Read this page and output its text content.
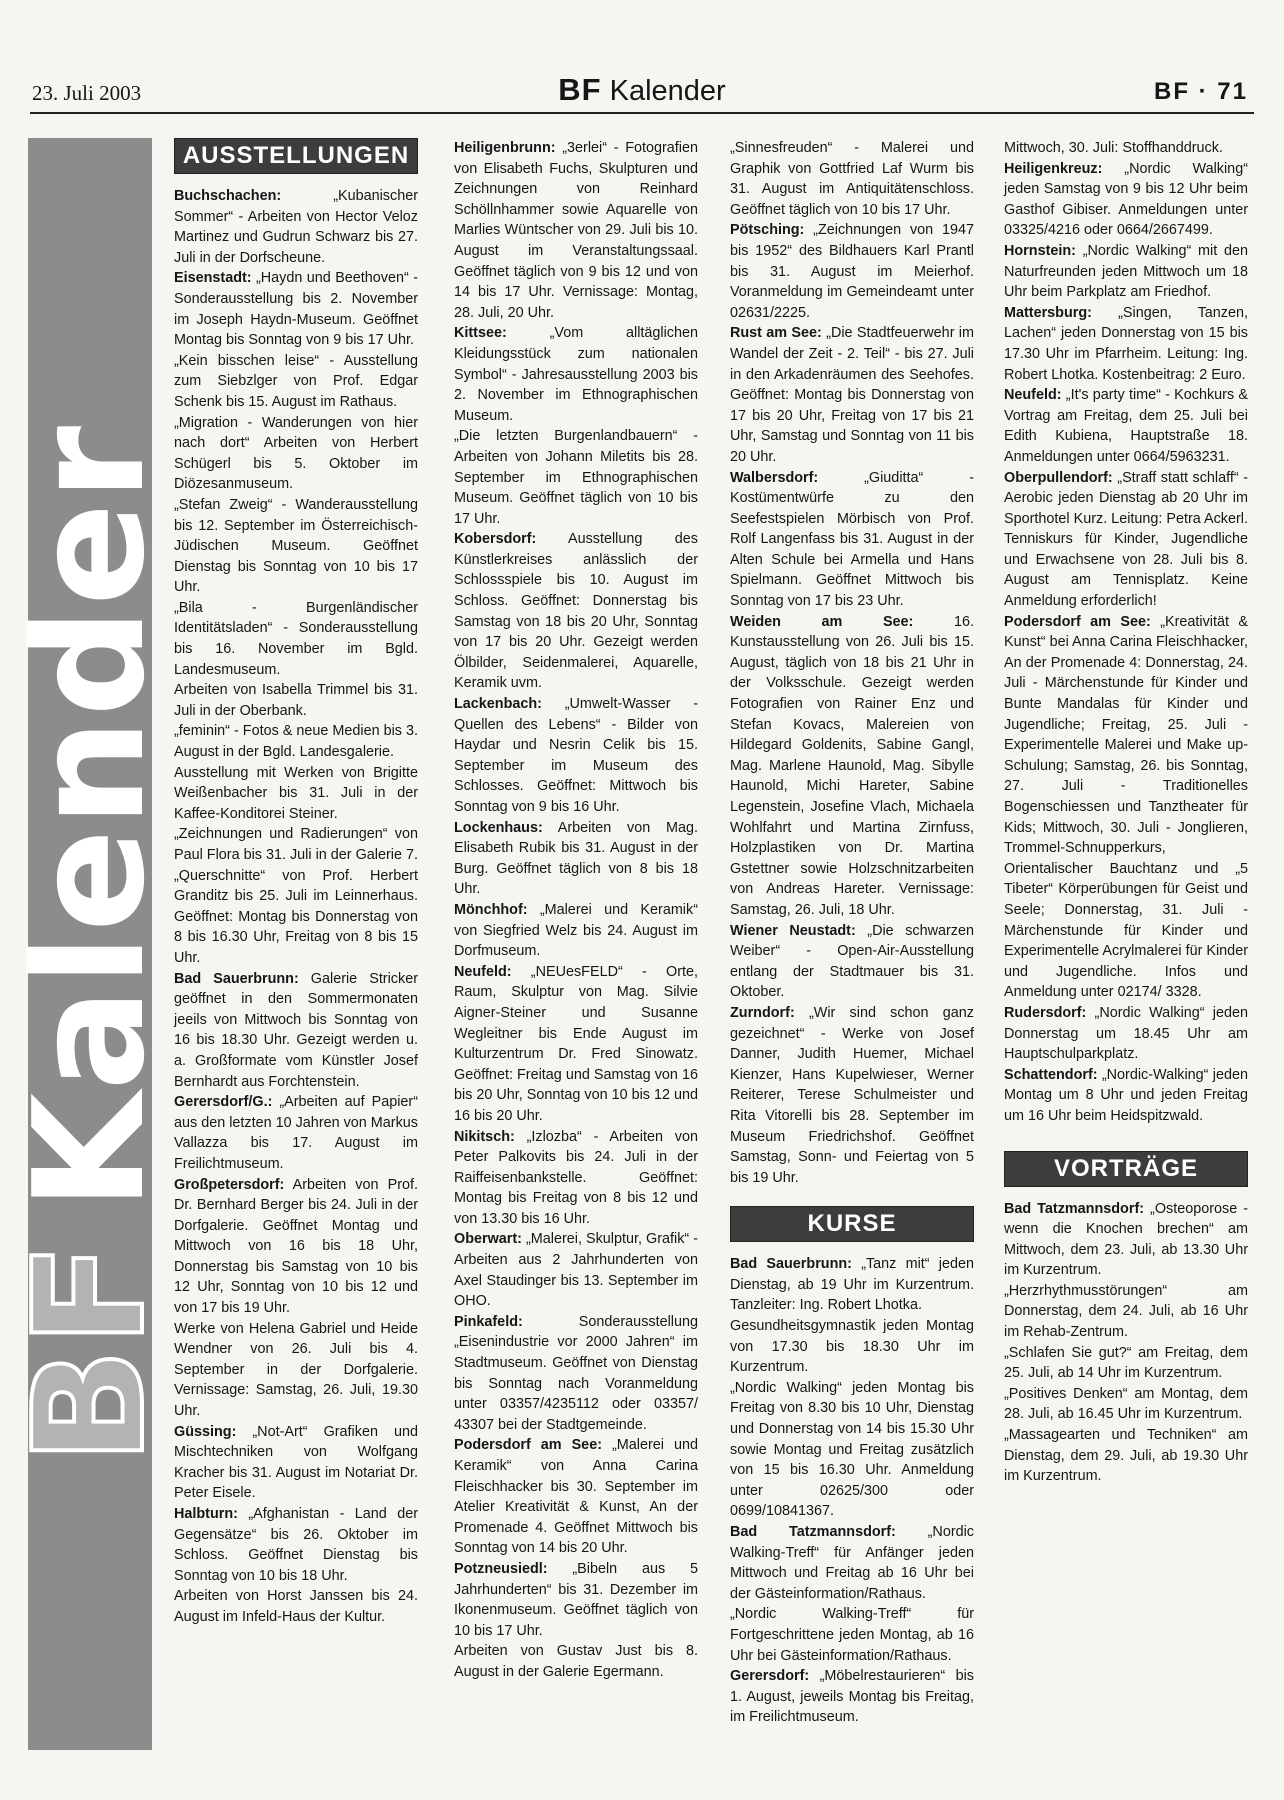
23. Juli 2003	BF Kalender	BF · 71
BFKalender
AUSSTELLUNGEN
Buchschachen: „Kubanischer Sommer“ - Arbeiten von Hector Veloz Martinez und Gudrun Schwarz bis 27. Juli in der Dorfscheune.
Eisenstadt: „Haydn und Beethoven“ - Sonderausstellung bis 2. November im Joseph Haydn-Museum. Geöffnet Montag bis Sonntag von 9 bis 17 Uhr.
„Kein bisschen leise“ - Ausstellung zum Siebzlger von Prof. Edgar Schenk bis 15. August im Rathaus.
„Migration - Wanderungen von hier nach dort“ Arbeiten von Herbert Schügerl bis 5. Oktober im Diözesanmuseum.
„Stefan Zweig“ - Wanderausstellung bis 12. September im Österreichisch-Jüdischen Museum. Geöffnet Dienstag bis Sonntag von 10 bis 17 Uhr.
„Bila - Burgenländischer Identitätsladen“ - Sonderausstellung bis 16. November im Bgld. Landesmuseum.
Arbeiten von Isabella Trimmel bis 31. Juli in der Oberbank.
„feminin“ - Fotos & neue Medien bis 3. August in der Bgld. Landesgalerie.
Ausstellung mit Werken von Brigitte Weißenbacher bis 31. Juli in der Kaffee-Konditorei Steiner.
„Zeichnungen und Radierungen“ von Paul Flora bis 31. Juli in der Galerie 7.
„Querschnitte“ von Prof. Herbert Granditz bis 25. Juli im Leinnerhaus. Geöffnet: Montag bis Donnerstag von 8 bis 16.30 Uhr, Freitag von 8 bis 15 Uhr.
Bad Sauerbrunn: Galerie Stricker geöffnet in den Sommermonaten jeeils von Mittwoch bis Sonntag von 16 bis 18.30 Uhr. Gezeigt werden u. a. Großformate vom Künstler Josef Bernhardt aus Forchtenstein.
Gerersdorf/G.: „Arbeiten auf Papier“ aus den letzten 10 Jahren von Markus Vallazza bis 17. August im Freilichtmuseum.
Großpetersdorf: Arbeiten von Prof. Dr. Bernhard Berger bis 24. Juli in der Dorfgalerie. Geöffnet Montag und Mittwoch von 16 bis 18 Uhr, Donnerstag bis Samstag von 10 bis 12 Uhr, Sonntag von 10 bis 12 und von 17 bis 19 Uhr.
Werke von Helena Gabriel und Heide Wendner von 26. Juli bis 4. September in der Dorfgalerie. Vernissage: Samstag, 26. Juli, 19.30 Uhr.
Güssing: „Not-Art“ Grafiken und Mischtechniken von Wolfgang Kracher bis 31. August im Notariat Dr. Peter Eisele.
Halbturn: „Afghanistan - Land der Gegensätze“ bis 26. Oktober im Schloss. Geöffnet Dienstag bis Sonntag von 10 bis 18 Uhr.
Arbeiten von Horst Janssen bis 24. August im Infeld-Haus der Kultur.
Heiligenbrunn: „3erlei“ - Fotografien von Elisabeth Fuchs, Skulpturen und Zeichnungen von Reinhard Schöllnhammer sowie Aquarelle von Marlies Wüntscher von 29. Juli bis 10. August im Veranstaltungssaal. Geöffnet täglich von 9 bis 12 und von 14 bis 17 Uhr. Vernissage: Montag, 28. Juli, 20 Uhr.
Kittsee: „Vom alltäglichen Kleidungsstück zum nationalen Symbol“ - Jahresausstellung 2003 bis 2. November im Ethnographischen Museum.
„Die letzten Burgenlandbauern“ - Arbeiten von Johann Miletits bis 28. September im Ethnographischen Museum. Geöffnet täglich von 10 bis 17 Uhr.
Kobersdorf: Ausstellung des Künstlerkreises anlässlich der Schlossspiele bis 10. August im Schloss. Geöffnet: Donnerstag bis Samstag von 18 bis 20 Uhr, Sonntag von 17 bis 20 Uhr. Gezeigt werden Ölbilder, Seidenmalerei, Aquarelle, Keramik uvm.
Lackenbach: „Umwelt-Wasser - Quellen des Lebens“ - Bilder von Haydar und Nesrin Celik bis 15. September im Museum des Schlosses. Geöffnet: Mittwoch bis Sonntag von 9 bis 16 Uhr.
Lockenhaus: Arbeiten von Mag. Elisabeth Rubik bis 31. August in der Burg. Geöffnet täglich von 8 bis 18 Uhr.
Mönchhof: „Malerei und Keramik“ von Siegfried Welz bis 24. August im Dorfmuseum.
Neufeld: „NEUesFELD“ - Orte, Raum, Skulptur von Mag. Silvie Aigner-Steiner und Susanne Wegleitner bis Ende August im Kulturzentrum Dr. Fred Sinowatz. Geöffnet: Freitag und Samstag von 16 bis 20 Uhr, Sonntag von 10 bis 12 und 16 bis 20 Uhr.
Nikitsch: „Izlozba“ - Arbeiten von Peter Palkovits bis 24. Juli in der Raiffeisenbankstelle. Geöffnet: Montag bis Freitag von 8 bis 12 und von 13.30 bis 16 Uhr.
Oberwart: „Malerei, Skulptur, Grafik“ - Arbeiten aus 2 Jahrhunderten von Axel Staudinger bis 13. September im OHO.
Pinkafeld: Sonderausstellung „Eisenindustrie vor 2000 Jahren“ im Stadtmuseum. Geöffnet von Dienstag bis Sonntag nach Voranmeldung unter 03357/4235112 oder 03357/ 43307 bei der Stadtgemeinde.
Podersdorf am See: „Malerei und Keramik“ von Anna Carina Fleischhacker bis 30. September im Atelier Kreativität & Kunst, An der Promenade 4. Geöffnet Mittwoch bis Sonntag von 14 bis 20 Uhr.
Potzneusiedl: „Bibeln aus 5 Jahrhunderten“ bis 31. Dezember im Ikonenmuseum. Geöffnet täglich von 10 bis 17 Uhr.
Arbeiten von Gustav Just bis 8. August in der Galerie Egermann.
„Sinnesfreuden“ - Malerei und Graphik von Gottfried Laf Wurm bis 31. August im Antiquitätenschloss. Geöffnet täglich von 10 bis 17 Uhr.
Pötsching: „Zeichnungen von 1947 bis 1952“ des Bildhauers Karl Prantl bis 31. August im Meierhof. Voranmeldung im Gemeindeamt unter 02631/2225.
Rust am See: „Die Stadtfeuerwehr im Wandel der Zeit - 2. Teil“ - bis 27. Juli in den Arkadenräumen des Seehofes. Geöffnet: Montag bis Donnerstag von 17 bis 20 Uhr, Freitag von 17 bis 21 Uhr, Samstag und Sonntag von 11 bis 20 Uhr.
Walbersdorf: „Giuditta“ - Kostümentwürfe zu den Seefestspielen Mörbisch von Prof. Rolf Langenfass bis 31. August in der Alten Schule bei Armella und Hans Spielmann. Geöffnet Mittwoch bis Sonntag von 17 bis 23 Uhr.
Weiden am See: 16. Kunstausstellung von 26. Juli bis 15. August, täglich von 18 bis 21 Uhr in der Volksschule. Gezeigt werden Fotografien von Rainer Enz und Stefan Kovacs, Malereien von Hildegard Goldenits, Sabine Gangl, Mag. Marlene Haunold, Mag. Sibylle Haunold, Michi Hareter, Sabine Legenstein, Josefine Vlach, Michaela Wohlfahrt und Martina Zirnfuss, Holzplastiken von Dr. Martina Gstettner sowie Holzschnitzarbeiten von Andreas Hareter. Vernissage: Samstag, 26. Juli, 18 Uhr.
Wiener Neustadt: „Die schwarzen Weiber“ - Open-Air-Ausstellung entlang der Stadtmauer bis 31. Oktober.
Zurndorf: „Wir sind schon ganz gezeichnet“ - Werke von Josef Danner, Judith Huemer, Michael Kienzer, Hans Kupelwieser, Werner Reiterer, Terese Schulmeister und Rita Vitorelli bis 28. September im Museum Friedrichshof. Geöffnet Samstag, Sonn- und Feiertag von 5 bis 19 Uhr.
KURSE
Bad Sauerbrunn: „Tanz mit“ jeden Dienstag, ab 19 Uhr im Kurzentrum. Tanzleiter: Ing. Robert Lhotka.
Gesundheitsgymnastik jeden Montag von 17.30 bis 18.30 Uhr im Kurzentrum.
„Nordic Walking“ jeden Montag bis Freitag von 8.30 bis 10 Uhr, Dienstag und Donnerstag von 14 bis 15.30 Uhr sowie Montag und Freitag zusätzlich von 15 bis 16.30 Uhr. Anmeldung unter 02625/300 oder 0699/10841367.
Bad Tatzmannsdorf: „Nordic Walking-Treff“ für Anfänger jeden Mittwoch und Freitag ab 16 Uhr bei der Gästeinformation/Rathaus.
„Nordic Walking-Treff“ für Fortgeschrittene jeden Montag, ab 16 Uhr bei Gästeinformation/Rathaus.
Gerersdorf: „Möbelrestaurieren“ bis 1. August, jeweils Montag bis Freitag, im Freilichtmuseum.
Mittwoch, 30. Juli: Stoffhanddruck.
Heiligenkreuz: „Nordic Walking“ jeden Samstag von 9 bis 12 Uhr beim Gasthof Gibiser. Anmeldungen unter 03325/4216 oder 0664/2667499.
Hornstein: „Nordic Walking“ mit den Naturfreunden jeden Mittwoch um 18 Uhr beim Parkplatz am Friedhof.
Mattersburg: „Singen, Tanzen, Lachen“ jeden Donnerstag von 15 bis 17.30 Uhr im Pfarrheim. Leitung: Ing. Robert Lhotka. Kostenbeitrag: 2 Euro.
Neufeld: „It's party time“ - Kochkurs & Vortrag am Freitag, dem 25. Juli bei Edith Kubiena, Hauptstraße 18. Anmeldungen unter 0664/5963231.
Oberpullendorf: „Straff statt schlaff“ - Aerobic jeden Dienstag ab 20 Uhr im Sporthotel Kurz. Leitung: Petra Ackerl.
Tenniskurs für Kinder, Jugendliche und Erwachsene von 28. Juli bis 8. August am Tennisplatz. Keine Anmeldung erforderlich!
Podersdorf am See: „Kreativität & Kunst“ bei Anna Carina Fleischhacker, An der Promenade 4: Donnerstag, 24. Juli - Märchenstunde für Kinder und Bunte Mandalas für Kinder und Jugendliche; Freitag, 25. Juli - Experimentelle Malerei und Make up-Schulung; Samstag, 26. bis Sonntag, 27. Juli - Traditionelles Bogenschiessen und Tanztheater für Kids; Mittwoch, 30. Juli - Jonglieren, Trommel-Schnupperkurs, Orientalischer Bauchtanz und „5 Tibeter“ Körperübungen für Geist und Seele; Donnerstag, 31. Juli - Märchenstunde für Kinder und Experimentelle Acrylmalerei für Kinder und Jugendliche. Infos und Anmeldung unter 02174/ 3328.
Rudersdorf: „Nordic Walking“ jeden Donnerstag um 18.45 Uhr am Hauptschulparkplatz.
Schattendorf: „Nordic-Walking“ jeden Montag um 8 Uhr und jeden Freitag um 16 Uhr beim Heidspitzwald.
VORTRÄGE
Bad Tatzmannsdorf: „Osteoporose - wenn die Knochen brechen“ am Mittwoch, dem 23. Juli, ab 13.30 Uhr im Kurzentrum.
„Herzrhythmusstörungen“ am Donnerstag, dem 24. Juli, ab 16 Uhr im Rehab-Zentrum.
„Schlafen Sie gut?“ am Freitag, dem 25. Juli, ab 14 Uhr im Kurzentrum.
„Positives Denken“ am Montag, dem 28. Juli, ab 16.45 Uhr im Kurzentrum.
„Massagearten und Techniken“ am Dienstag, dem 29. Juli, ab 19.30 Uhr im Kurzentrum.
